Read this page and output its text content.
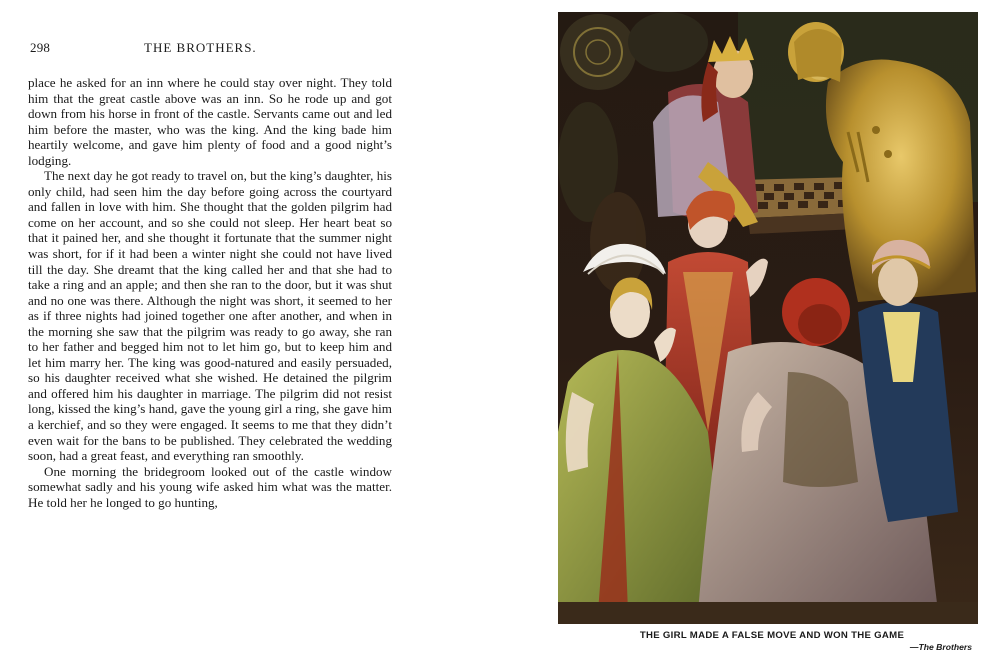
298	THE BROTHERS.

place he asked for an inn where he could stay over night. They told him that the great castle above was an inn. So he rode up and got down from his horse in front of the castle. Servants came out and led him before the master, who was the king. And the king bade him heartily welcome, and gave him plenty of food and a good night’s lodging.

The next day he got ready to travel on, but the king’s daughter, his only child, had seen him the day before going across the courtyard and fallen in love with him. She thought that the golden pilgrim had come on her account, and so she could not sleep. Her heart beat so that it pained her, and she thought it fortunate that the summer night was short, for if it had been a winter night she could not have lived till the day. She dreamt that the king called her and that she had to take a ring and an apple; and then she ran to the door, but it was shut and no one was there. Although the night was short, it seemed to her as if three nights had joined together one after another, and when in the morning she saw that the pilgrim was ready to go away, she ran to her father and begged him not to let him go, but to keep him and let him marry her. The king was good-natured and easily persuaded, so his daughter received what she wished. He detained the pilgrim and offered him his daughter in marriage. The pilgrim did not resist long, kissed the king’s hand, gave the young girl a ring, she gave him a kerchief, and so they were engaged. It seems to me that they didn’t even wait for the bans to be published. They celebrated the wedding soon, had a great feast, and everything ran smoothly.

One morning the bridegroom looked out of the castle window somewhat sadly and his young wife asked him what was the matter. He told her he longed to go hunting,

THE GIRL MADE A FALSE MOVE AND WON THE GAME
—The Brothers
